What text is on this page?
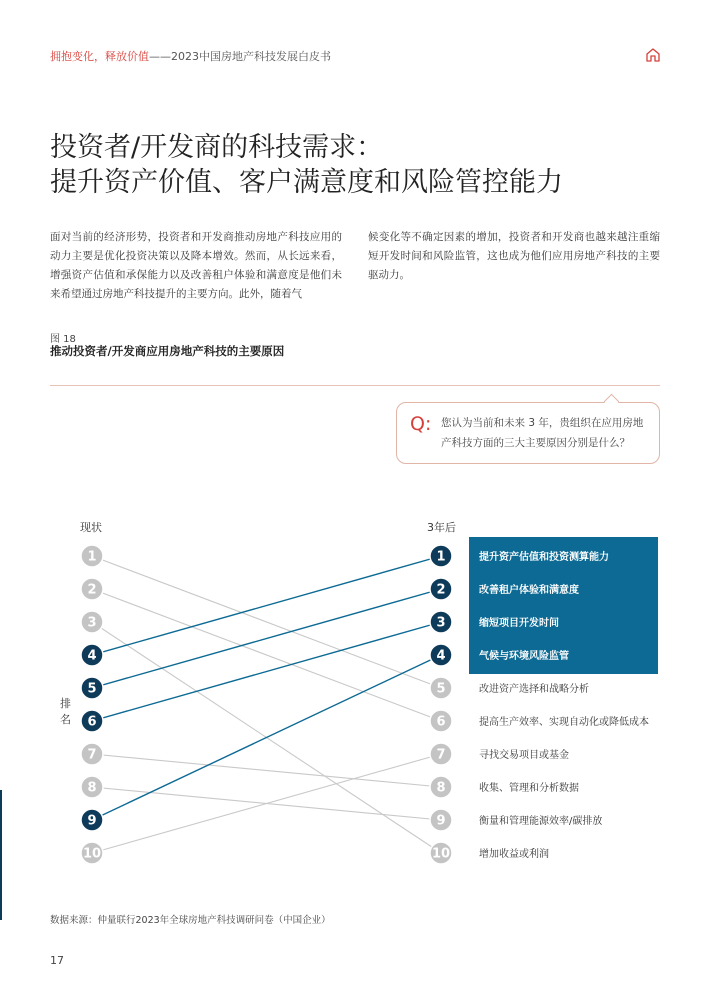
拥抱变化，释放价值——2023中国房地产科技发展白皮书
投资者/开发商的科技需求：
提升资产价值、客户满意度和风险管控能力
面对当前的经济形势，投资者和开发商推动房地产科技应用的动力主要是优化投资决策以及降本增效。然而，从长远来看，增强资产估值和承保能力以及改善租户体验和满意度是他们未来希望通过房地产科技提升的主要方向。此外，随着气
候变化等不确定因素的增加，投资者和开发商也越来越注重缩短开发时间和风险监管，这也成为他们应用房地产科技的主要驱动力。
图 18
推动投资者/开发商应用房地产科技的主要原因
Q: 您认为当前和未来 3 年，贵组织在应用房地产科技方面的三大主要原因分别是什么？
现状	3年后
排名
1	1
2	2
3	3
4	4
5	5
6	6
7	7
8	8
9	9
10	10
提升资产估值和投资测算能力
改善租户体验和满意度
缩短项目开发时间
气候与环境风险监管
改进资产选择和战略分析
提高生产效率、实现自动化或降低成本
寻找交易项目或基金
收集、管理和分析数据
衡量和管理能源效率/碳排放
增加收益或利润
数据来源：仲量联行2023年全球房地产科技调研问卷（中国企业）
17
